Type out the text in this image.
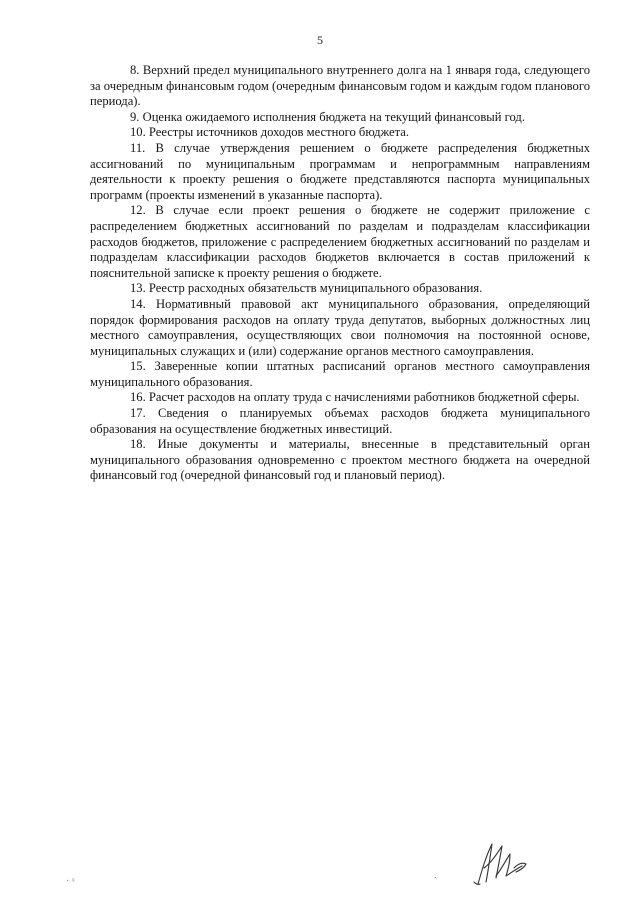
5

8. Верхний предел муниципального внутреннего долга на 1 января года, следующего за очередным финансовым годом (очередным финансовым годом и каждым годом планового периода).

9. Оценка ожидаемого исполнения бюджета на текущий финансовый год.

10. Реестры источников доходов местного бюджета.

11. В случае утверждения решением о бюджете распределения бюджетных ассигнований по муниципальным программам и непрограммным направлениям деятельности к проекту решения о бюджете представляются паспорта муниципальных программ (проекты изменений в указанные паспорта).

12. В случае если проект решения о бюджете не содержит приложение с распределением бюджетных ассигнований по разделам и подразделам классификации расходов бюджетов, приложение с распределением бюджетных ассигнований по разделам и подразделам классификации расходов бюджетов включается в состав приложений к пояснительной записке к проекту решения о бюджете.

13. Реестр расходных обязательств муниципального образования.

14. Нормативный правовой акт муниципального образования, определяющий порядок формирования расходов на оплату труда депутатов, выборных должностных лиц местного самоуправления, осуществляющих свои полномочия на постоянной основе, муниципальных служащих и (или) содержание органов местного самоуправления.

15. Заверенные копии штатных расписаний органов местного самоуправления муниципального образования.

16. Расчет расходов на оплату труда с начислениями работников бюджетной сферы.

17. Сведения о планируемых объемах расходов бюджета муниципального образования на осуществление бюджетных инвестиций.

18. Иные документы и материалы, внесенные в представительный орган муниципального образования одновременно с проектом местного бюджета на очередной финансовый год (очередной финансовый год и плановый период).

· ˣ
ˎ
